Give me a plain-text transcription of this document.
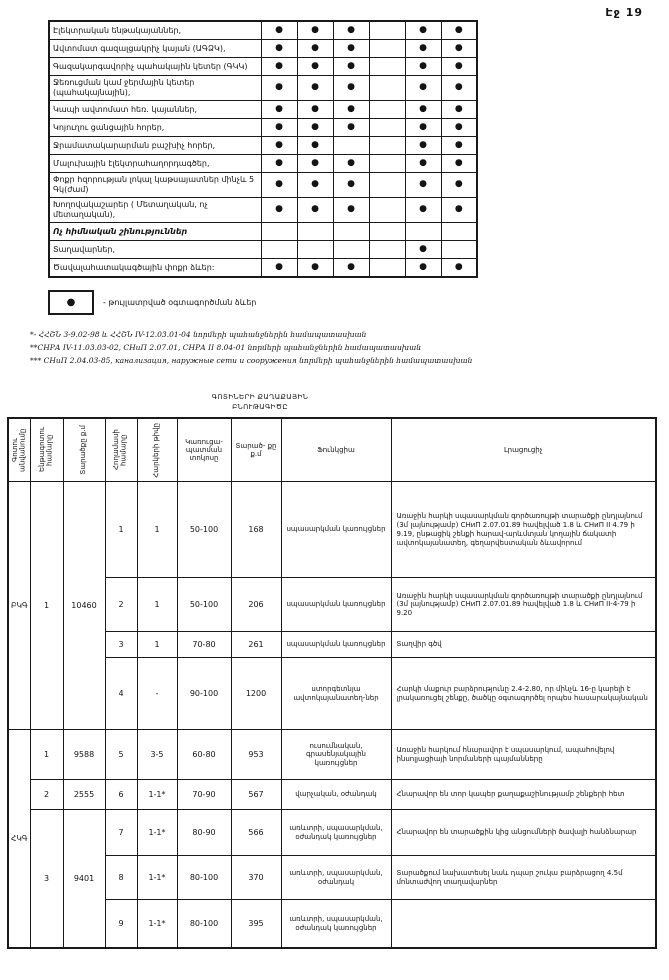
Էջ 19
Էլեկտրական ենթակայաններ,	●	●	●		●	●
Ավտոմատ գազալցակրիչ կայան (ԱԳՁԿ),	●	●	●		●	●
Գազակարգավորիչ պահակային կետեր (ԳԿԿ)	●	●	●		●	●
Ջեռուցման կամ ջերմային կետեր (պահակայնային),	●	●	●		●	●
Կապի ավտոմատ հեռ. կայաններ,	●	●	●		●	●
Կոյուղու ցանցային հորեր,	●	●	●		●	●
Ջրամատակարարման բաշխիչ հորեր,	●	●			●	●
Մալուխային էլեկտրահաղորդագծեր,	●	●	●		●	●
Փոքր հզորության լոկալ կաթսայատներ մինչև 5 Գկ(ժամ)	●	●	●		●	●
Խողովակաշարեր ( Մետաղական, ոչ մետաղական),	●	●	●		●	●
Ոչ հիմնական շինություններ						
Տաղավարներ,					●	
Ծավալահատակագծային փոքր ձևեր:	●	●	●		●	●
●	- թույլատրված օգտագործման ձևեր
*- ՀՀՇՆ 3-9.02-98 և ՀՀՇՆ IV-12.03.01-04 նորմերի պահանջներին համապատասխան
**СНРА IV-11.03.03-02, СНиП 2.07.01, СНРА II 8.04-01 նորմերի պահանջներին համապատասխան
*** СНиП 2.04.03-85, канализация, наружные сети и сооружения նորմերի պահանջներին համապատասխան
ԳՈՏԻՆԵՐԻ ՔԱՂԱՔԱՅԻՆ
ԲՆՈՒԹԱԳԻԾԸ
Գոտու անվանումը	Ենթագոտու համարը	Տարածքը ք.մ	Հողամասի համարը	Հարկերի թիվը	Կառուցա- պատման տոկոսը	Տարած- քը ք.մ	Ֆունկցիա	Լրացուցիչ
ԲԿԳ	1	10460	1	1	50-100	168	սպասարկման կառույցներ	Առաջին հարկի սպասարկման գործառույթի տարածքի ընդլայնում (3մ լայնությամբ) СНиП 2.07.01.89 հավելված 1.8 և СНиП II 4.79 ի 9.19, ընթացիկ շենքի հարավ-արևմտյան կողային ճակատի ավտոկայանատեղ, գեղարվեստական ձևավորում
			2	1	50-100	206	սպասարկման կառույցներ	Առաջին հարկի սպասարկման գործառույթի տարածքի ընդլայնում (3մ լայնությամբ) СНиП 2.07.01.89 հավելված 1.8 և СНиП II-4-79 ի 9.20
			3	1	70-80	261	սպասարկման կառույցներ	Տաղվիր գծվ
			4	-	90-100	1200	ստորգետնյա ավտոկայանատեղ-ներ	Հարկի մաքուր բարձրությունը 2.4-2.80, որ մինչև 16-ը կարելի է լրակառուցել շենքը, ծածկը օգտագործել որպես հասարակայնական
ՀԿԳ	1	9588	5	3-5	60-80	953	ուսումնական, գրասենյակային կառույցներ	Առաջին հարկում հնարավոր է սպասարկում, ապահովելով ինսոլյացիայի նորմաների պայմանները
	2	2555	6	1-1*	70-90	567	վարչական, օժանդակ	Հնարավոր են տոր կապեր քաղաքաշինությամբ շենքերի հետ
	3	9401	7	1-1*	80-90	566	առևտրի, սպասարկման, օժանդակ կառույցներ	Հնարավոր են տարածքին կից անցումների ծավալի հանձնարար
			8	1-1*	80-100	370	առևտրի, սպասարկման, օժանդակ	Տարածքում նախատեսել նաև դպար շուկա բարձրացող 4.5մ մոնտաժվող տաղավարներ
			9	1-1*	80-100	395	առևտրի, սպասարկման, օժանդակ կառույցներ	
